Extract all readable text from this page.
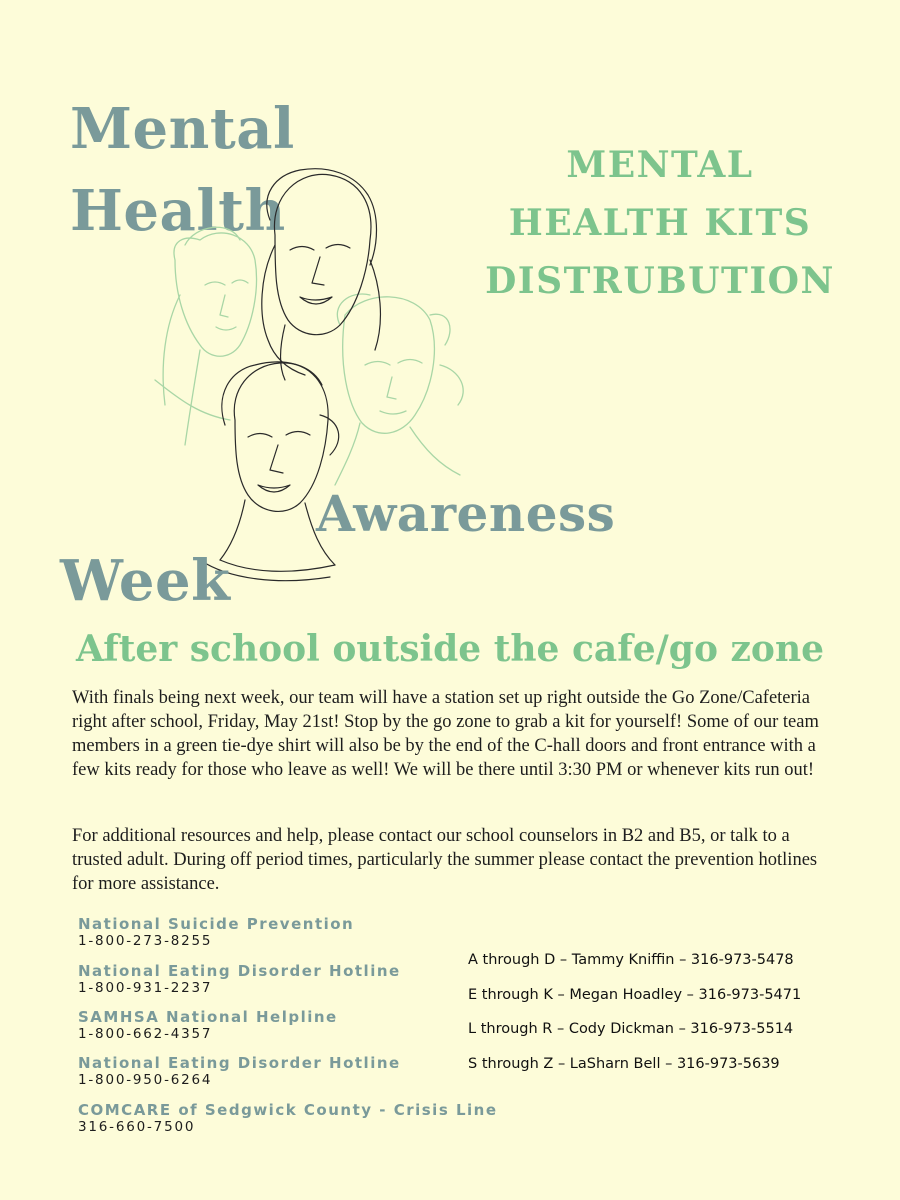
Mental
Health
MENTAL
HEALTH KITS
DISTRUBUTION
Awareness
Week
After school outside the cafe/go zone

With finals being next week, our team will have a station set up right outside the Go Zone/Cafeteria right after school, Friday, May 21st! Stop by the go zone to grab a kit for yourself! Some of our team members in a green tie-dye shirt will also be by the end of the C-hall doors and front entrance with a few kits ready for those who leave as well! We will be there until 3:30 PM or whenever kits run out!

For additional resources and help, please contact our school counselors in B2 and B5, or talk to a trusted adult. During off period times, particularly the summer please contact the prevention hotlines for more assistance.

National Suicide Prevention
1-800-273-8255
National Eating Disorder Hotline
1-800-931-2237
SAMHSA National Helpline
1-800-662-4357
National Eating Disorder Hotline
1-800-950-6264
COMCARE of Sedgwick County - Crisis Line
316-660-7500
A through D – Tammy Kniffin – 316-973-5478
E through K – Megan Hoadley – 316-973-5471
L through R – Cody Dickman – 316-973-5514
S through Z – LaSharn Bell – 316-973-5639
